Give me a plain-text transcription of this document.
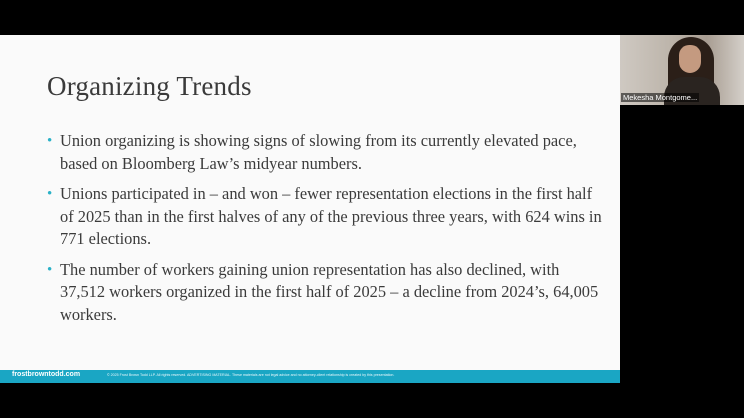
Organizing Trends
• Union organizing is showing signs of slowing from its currently elevated pace, based on Bloomberg Law’s midyear numbers.
• Unions participated in – and won – fewer representation elections in the first half of 2025 than in the first halves of any of the previous three years, with 624 wins in 771 elections.
• The number of workers gaining union representation has also declined, with 37,512 workers organized in the first half of 2025 – a decline from 2024’s, 64,005 workers.
frostbrowntodd.com	© 2025 Frost Brown Todd LLP. All rights reserved. ADVERTISING MATERIAL. These materials are not legal advice and no attorney-client relationship is created by this presentation.
Mekesha Montgome...
